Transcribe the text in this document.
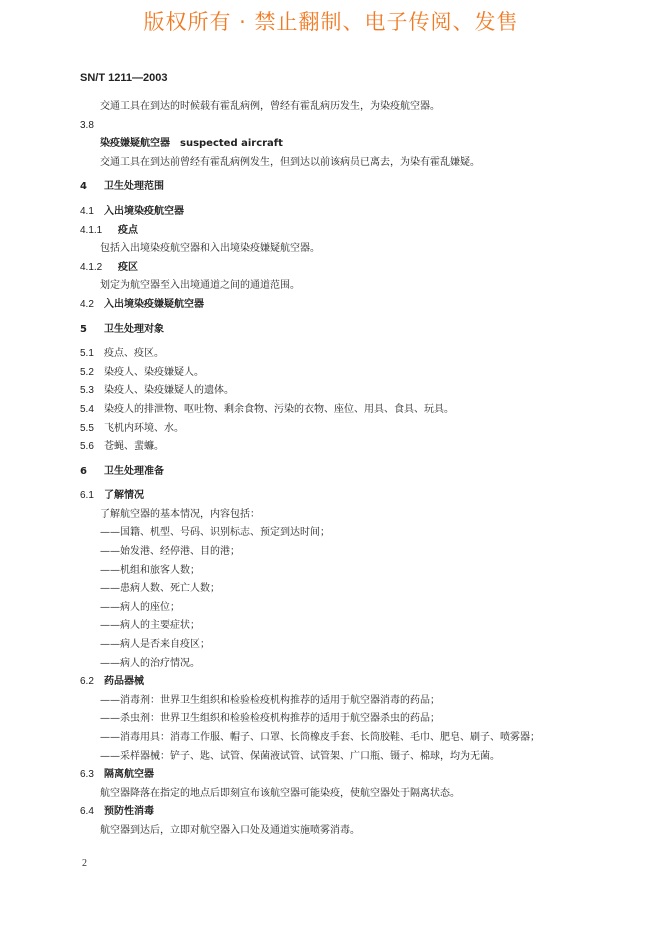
版权所有 · 禁止翻制、电子传阅、发售
SN/T 1211—2003
交通工具在到达的时候载有霍乱病例，曾经有霍乱病历发生，为染疫航空器。
3.8
染疫嫌疑航空器　suspected aircraft
交通工具在到达前曾经有霍乱病例发生，但到达以前该病员已离去，为染有霍乱嫌疑。
4 卫生处理范围
4.1 入出境染疫航空器
4.1.1 疫点
包括入出境染疫航空器和入出境染疫嫌疑航空器。
4.1.2 疫区
划定为航空器至入出境通道之间的通道范围。
4.2 入出境染疫嫌疑航空器
5 卫生处理对象
5.1 疫点、疫区。
5.2 染疫人、染疫嫌疑人。
5.3 染疫人、染疫嫌疑人的遗体。
5.4 染疫人的排泄物、呕吐物、剩余食物、污染的衣物、座位、用具、食具、玩具。
5.5 飞机内环境、水。
5.6 苍蝇、蜚蠊。
6 卫生处理准备
6.1 了解情况
了解航空器的基本情况，内容包括：
——国籍、机型、号码、识别标志、预定到达时间；
——始发港、经停港、目的港；
——机组和旅客人数；
——患病人数、死亡人数；
——病人的座位；
——病人的主要症状；
——病人是否来自疫区；
——病人的治疗情况。
6.2 药品器械
——消毒剂：世界卫生组织和检验检疫机构推荐的适用于航空器消毒的药品；
——杀虫剂：世界卫生组织和检验检疫机构推荐的适用于航空器杀虫的药品；
——消毒用具：消毒工作服、帽子、口罩、长筒橡皮手套、长筒胶鞋、毛巾、肥皂、刷子、喷雾器；
——采样器械：铲子、匙、试管、保菌液试管、试管架、广口瓶、镊子、棉球，均为无菌。
6.3 隔离航空器
航空器降落在指定的地点后即刻宣布该航空器可能染疫，使航空器处于隔离状态。
6.4 预防性消毒
航空器到达后，立即对航空器入口处及通道实施喷雾消毒。
2
